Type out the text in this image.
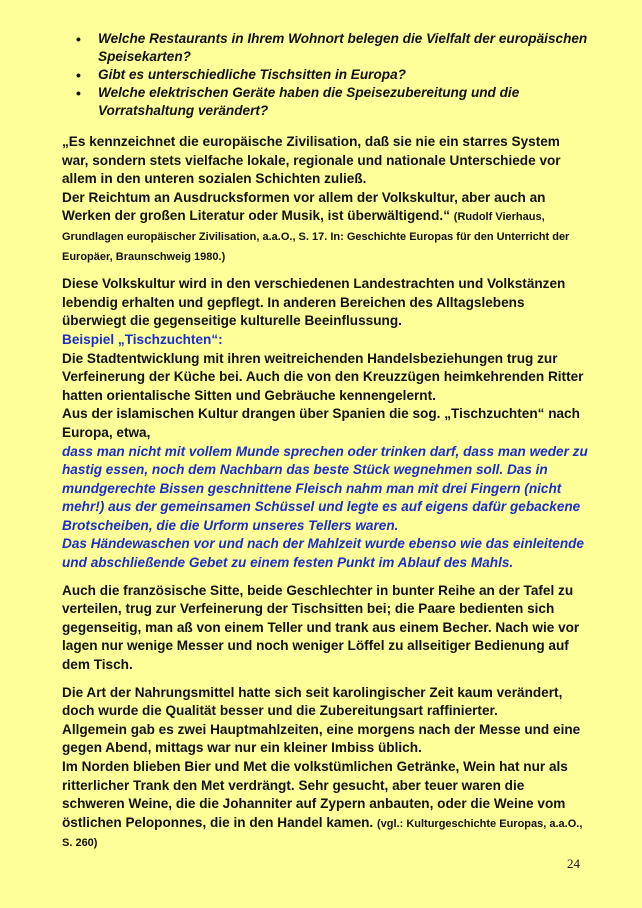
• Welche Restaurants in Ihrem Wohnort belegen die Vielfalt der europäischen Speisekarten?
• Gibt es unterschiedliche Tischsitten in Europa?
• Welche elektrischen Geräte haben die Speisezubereitung und die Vorratshaltung verändert?

„Es kennzeichnet die europäische Zivilisation, daß sie nie ein starres System war, sondern stets vielfache lokale, regionale und nationale Unterschiede vor allem in den unteren sozialen Schichten zuließ.
Der Reichtum an Ausdrucksformen vor allem der Volkskultur, aber auch an Werken der großen Literatur oder Musik, ist überwältigend.“ (Rudolf Vierhaus, Grundlagen europäischer Zivilisation, a.a.O., S. 17. In: Geschichte Europas für den Unterricht der Europäer, Braunschweig 1980.)

Diese Volkskultur wird in den verschiedenen Landestrachten und Volkstänzen lebendig erhalten und gepflegt. In anderen Bereichen des Alltagslebens überwiegt die gegenseitige kulturelle Beeinflussung.

Beispiel „Tischzuchten“:

Die Stadtentwicklung mit ihren weitreichenden Handelsbeziehungen trug zur Verfeinerung der Küche bei. Auch die von den Kreuzzügen heimkehrenden Ritter hatten orientalische Sitten und Gebräuche kennengelernt.

Aus der islamischen Kultur drangen über Spanien die sog. „Tischzuchten“ nach Europa, etwa,

dass man nicht mit vollem Munde sprechen oder trinken darf, dass man weder zu hastig essen, noch dem Nachbarn das beste Stück wegnehmen soll. Das in mundgerechte Bissen geschnittene Fleisch nahm man mit drei Fingern (nicht mehr!) aus der gemeinsamen Schüssel und legte es auf eigens dafür gebackene Brotscheiben, die die Urform unseres Tellers waren.

Das Händewaschen vor und nach der Mahlzeit wurde ebenso wie das einleitende und abschließende Gebet zu einem festen Punkt im Ablauf des Mahls.

Auch die französische Sitte, beide Geschlechter in bunter Reihe an der Tafel zu verteilen, trug zur Verfeinerung der Tischsitten bei; die Paare bedienten sich gegenseitig, man aß von einem Teller und trank aus einem Becher. Nach wie vor lagen nur wenige Messer und noch weniger Löffel zu allseitiger Bedienung auf dem Tisch.

Die Art der Nahrungsmittel hatte sich seit karolingischer Zeit kaum verändert, doch wurde die Qualität besser und die Zubereitungsart raffinierter.

Allgemein gab es zwei Hauptmahlzeiten, eine morgens nach der Messe und eine gegen Abend, mittags war nur ein kleiner Imbiss üblich.

Im Norden blieben Bier und Met die volkstümlichen Getränke, Wein hat nur als ritterlicher Trank den Met verdrängt. Sehr gesucht, aber teuer waren die schweren Weine, die die Johanniter auf Zypern anbauten, oder die Weine vom östlichen Peloponnes, die in den Handel kamen. (vgl.: Kulturgeschichte Europas, a.a.O., S. 260)

24
